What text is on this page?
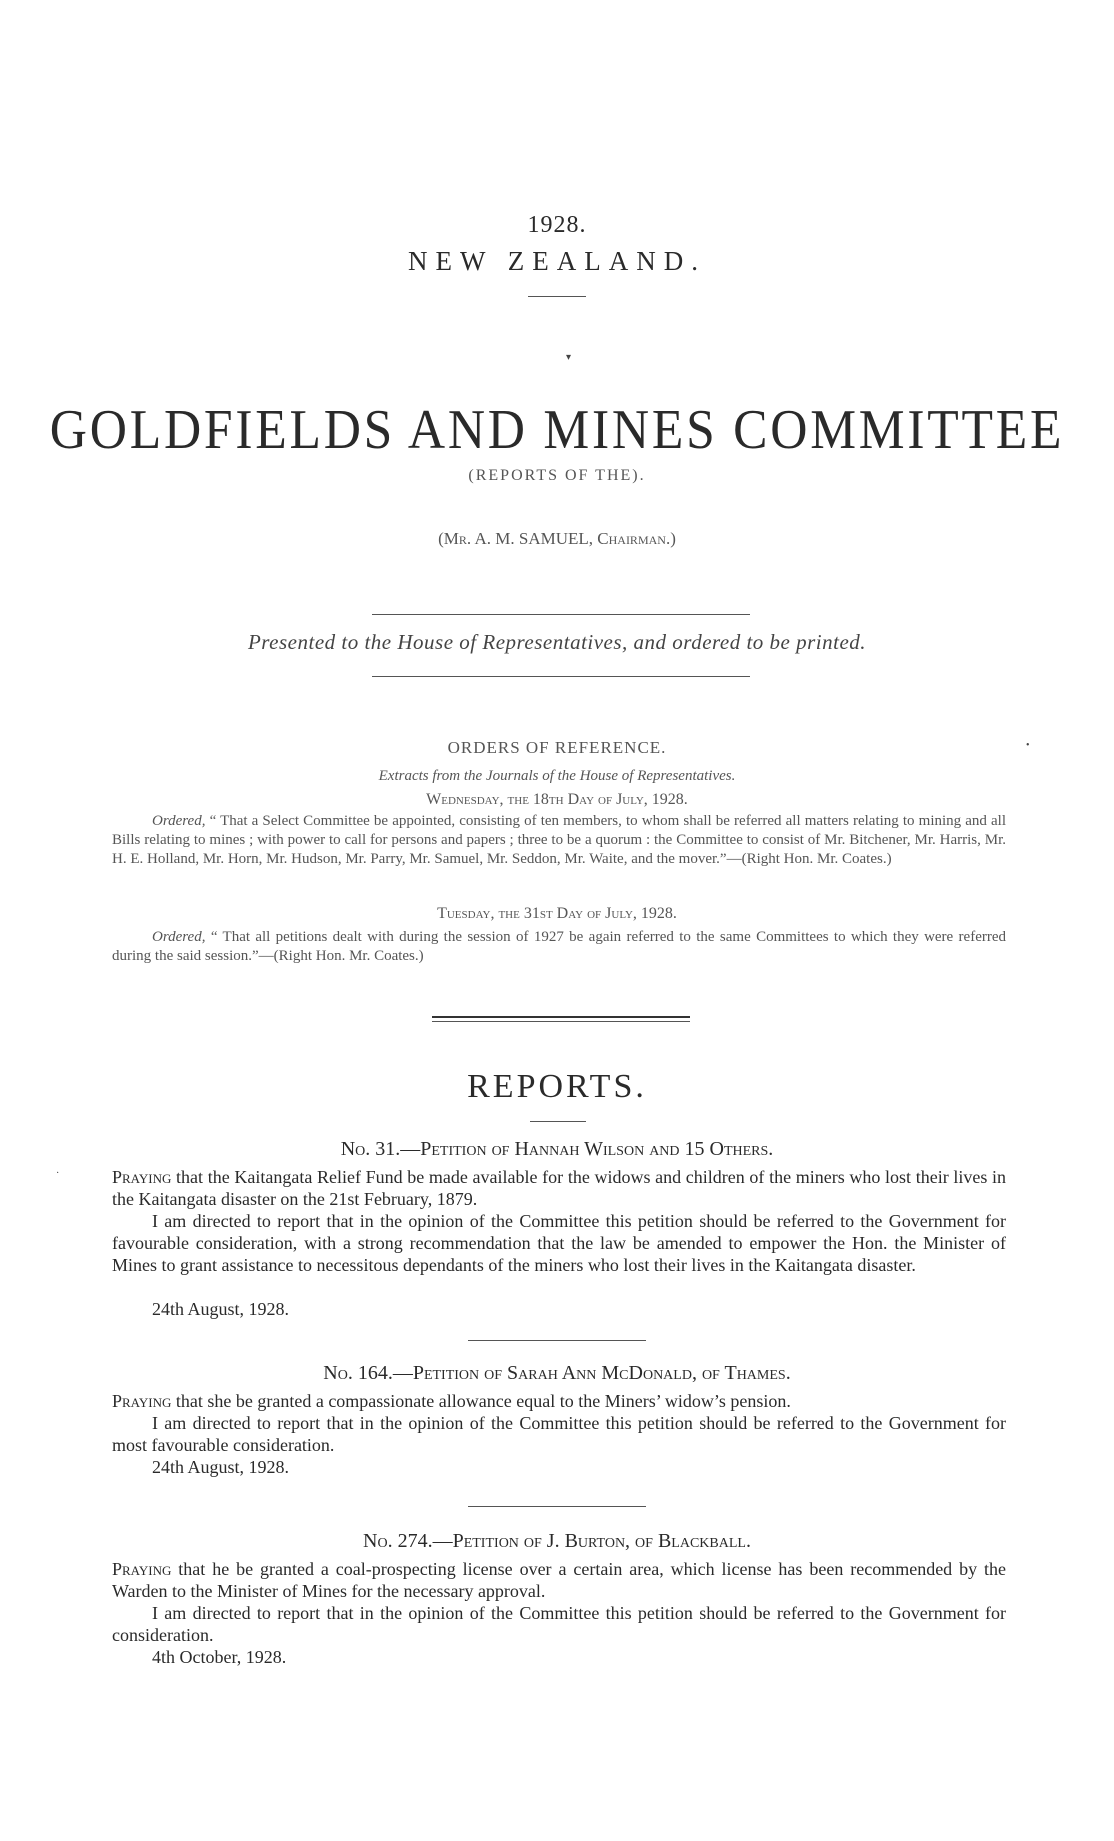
1928.
NEW ZEALAND.
▾
GOLDFIELDS AND MINES COMMITTEE
(REPORTS OF THE).
(Mr. A. M. SAMUEL, Chairman.)
Presented to the House of Representatives, and ordered to be printed.
ORDERS OF REFERENCE.
Extracts from the Journals of the House of Representatives.
Wednesday, the 18th Day of July, 1928.
Ordered, “ That a Select Committee be appointed, consisting of ten members, to whom shall be referred all matters relating to mining and all Bills relating to mines ; with power to call for persons and papers ; three to be a quorum : the Committee to consist of Mr. Bitchener, Mr. Harris, Mr. H. E. Holland, Mr. Horn, Mr. Hudson, Mr. Parry, Mr. Samuel, Mr. Seddon, Mr. Waite, and the mover.”—(Right Hon. Mr. Coates.)
Tuesday, the 31st Day of July, 1928.
Ordered, “ That all petitions dealt with during the session of 1927 be again referred to the same Committees to which they were referred during the said session.”—(Right Hon. Mr. Coates.)
REPORTS.
No. 31.—Petition of Hannah Wilson and 15 Others.
Praying that the Kaitangata Relief Fund be made available for the widows and children of the miners who lost their lives in the Kaitangata disaster on the 21st February, 1879.
I am directed to report that in the opinion of the Committee this petition should be referred to the Government for favourable consideration, with a strong recommendation that the law be amended to empower the Hon. the Minister of Mines to grant assistance to necessitous dependants of the miners who lost their lives in the Kaitangata disaster.
24th August, 1928.
No. 164.—Petition of Sarah Ann McDonald, of Thames.
Praying that she be granted a compassionate allowance equal to the Miners’ widow’s pension.
I am directed to report that in the opinion of the Committee this petition should be referred to the Government for most favourable consideration.
24th August, 1928.
No. 274.—Petition of J. Burton, of Blackball.
Praying that he be granted a coal-prospecting license over a certain area, which license has been recommended by the Warden to the Minister of Mines for the necessary approval.
I am directed to report that in the opinion of the Committee this petition should be referred to the Government for consideration.
4th October, 1928.
•
·
